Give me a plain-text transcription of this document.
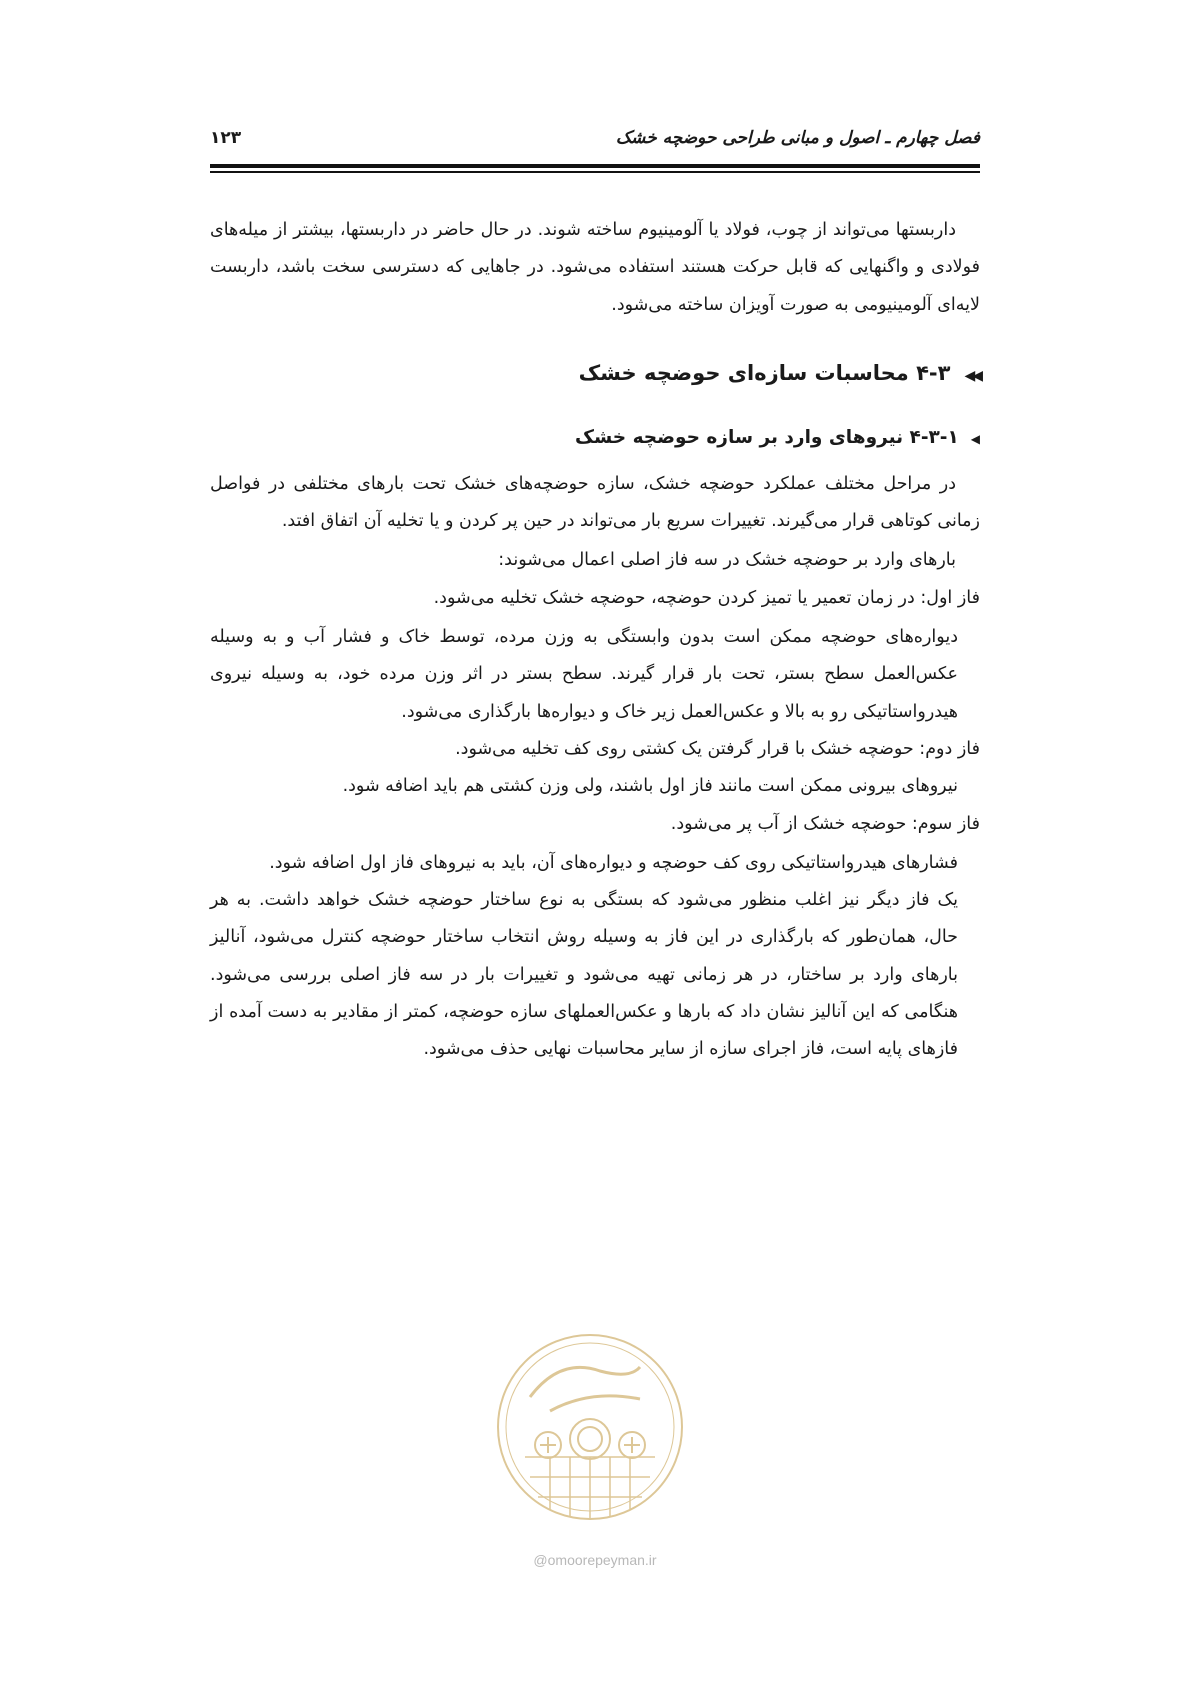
فصل چهارم ـ اصول و مبانی طراحی حوضچه خشک
۱۲۳

داربستها می‌تواند از چوب، فولاد یا آلومینیوم ساخته شوند. در حال حاضر در داربستها، بیشتر از میله‌های فولادی و واگنهایی که قابل حرکت هستند استفاده می‌شود. در جاهایی که دسترسی سخت باشد، داربست لایه‌ای آلومینیومی به صورت آویزان ساخته می‌شود.

◀◀۴-۳ محاسبات سازه‌ای حوضچه خشک
◀۴-۳-۱ نیروهای وارد بر سازه حوضچه خشک

در مراحل مختلف عملکرد حوضچه خشک، سازه حوضچه‌های خشک تحت بارهای مختلفی در فواصل زمانی کوتاهی قرار می‌گیرند. تغییرات سریع بار می‌تواند در حین پر کردن و یا تخلیه آن اتفاق افتد.

بارهای وارد بر حوضچه خشک در سه فاز اصلی اعمال می‌شوند:

فاز اول: در زمان تعمیر یا تمیز کردن حوضچه، حوضچه خشک تخلیه می‌شود.

دیواره‌های حوضچه ممکن است بدون وابستگی به وزن مرده، توسط خاک و فشار آب و به وسیله عکس‌العمل سطح بستر، تحت بار قرار گیرند. سطح بستر در اثر وزن مرده خود، به وسیله نیروی هیدرواستاتیکی رو به بالا و عکس‌العمل زیر خاک و دیواره‌ها بارگذاری می‌شود.

فاز دوم: حوضچه خشک با قرار گرفتن یک کشتی روی کف تخلیه می‌شود.

نیروهای بیرونی ممکن است مانند فاز اول باشند، ولی وزن کشتی هم باید اضافه شود.

فاز سوم: حوضچه خشک از آب پر می‌شود.

فشارهای هیدرواستاتیکی روی کف حوضچه و دیواره‌های آن، باید به نیروهای فاز اول اضافه شود.

یک فاز دیگر نیز اغلب منظور می‌شود که بستگی به نوع ساختار حوضچه خشک خواهد داشت. به هر حال، همان‌طور که بارگذاری در این فاز به وسیله روش انتخاب ساختار حوضچه کنترل می‌شود، آنالیز بارهای وارد بر ساختار، در هر زمانی تهیه می‌شود و تغییرات بار در سه فاز اصلی بررسی می‌شود. هنگامی که این آنالیز نشان داد که بارها و عکس‌العملهای سازه حوضچه، کمتر از مقادیر به دست آمده از فازهای پایه است، فاز اجرای سازه از سایر محاسبات نهایی حذف می‌شود.

@omoorepeyman.ir
